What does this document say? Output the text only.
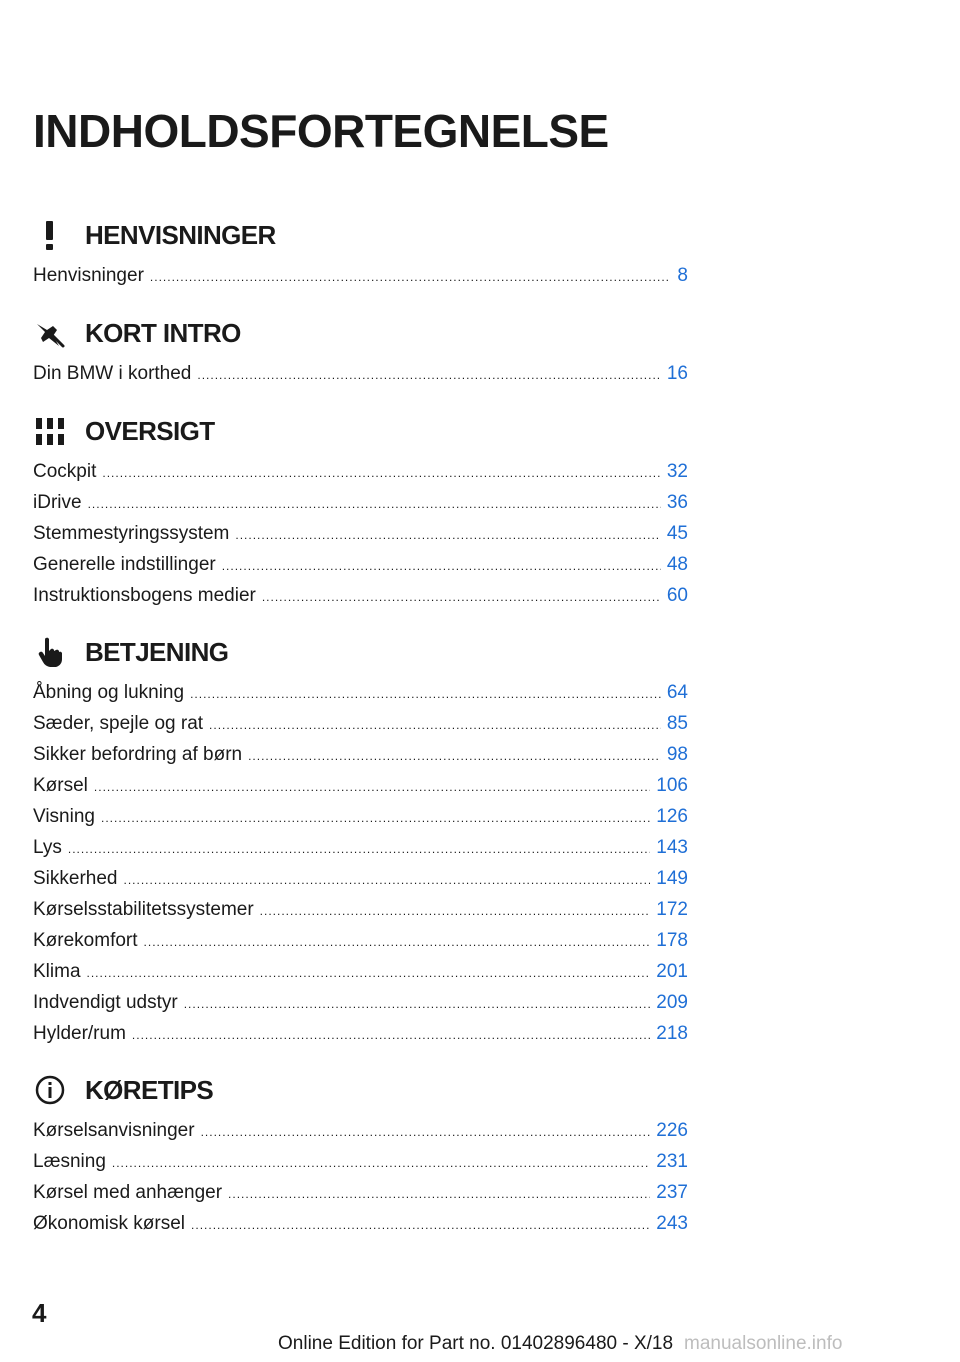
INDHOLDSFORTEGNELSE
HENVISNINGER
Henvisninger .....	8
KORT INTRO
Din BMW i korthed .....	16
OVERSIGT
Cockpit .....	32
iDrive .....	36
Stemmestyringssystem .....	45
Generelle indstillinger .....	48
Instruktionsbogens medier .....	60
BETJENING
Åbning og lukning .....	64
Sæder, spejle og rat .....	85
Sikker befordring af børn .....	98
Kørsel .....	106
Visning .....	126
Lys .....	143
Sikkerhed .....	149
Kørselsstabilitetssystemer .....	172
Kørekomfort .....	178
Klima .....	201
Indvendigt udstyr .....	209
Hylder/rum .....	218
KØRETIPS
Kørselsanvisninger .....	226
Læsning .....	231
Kørsel med anhænger .....	237
Økonomisk kørsel .....	243
4
Online Edition for Part no. 01402896480 - X/18 manualsonline.info
